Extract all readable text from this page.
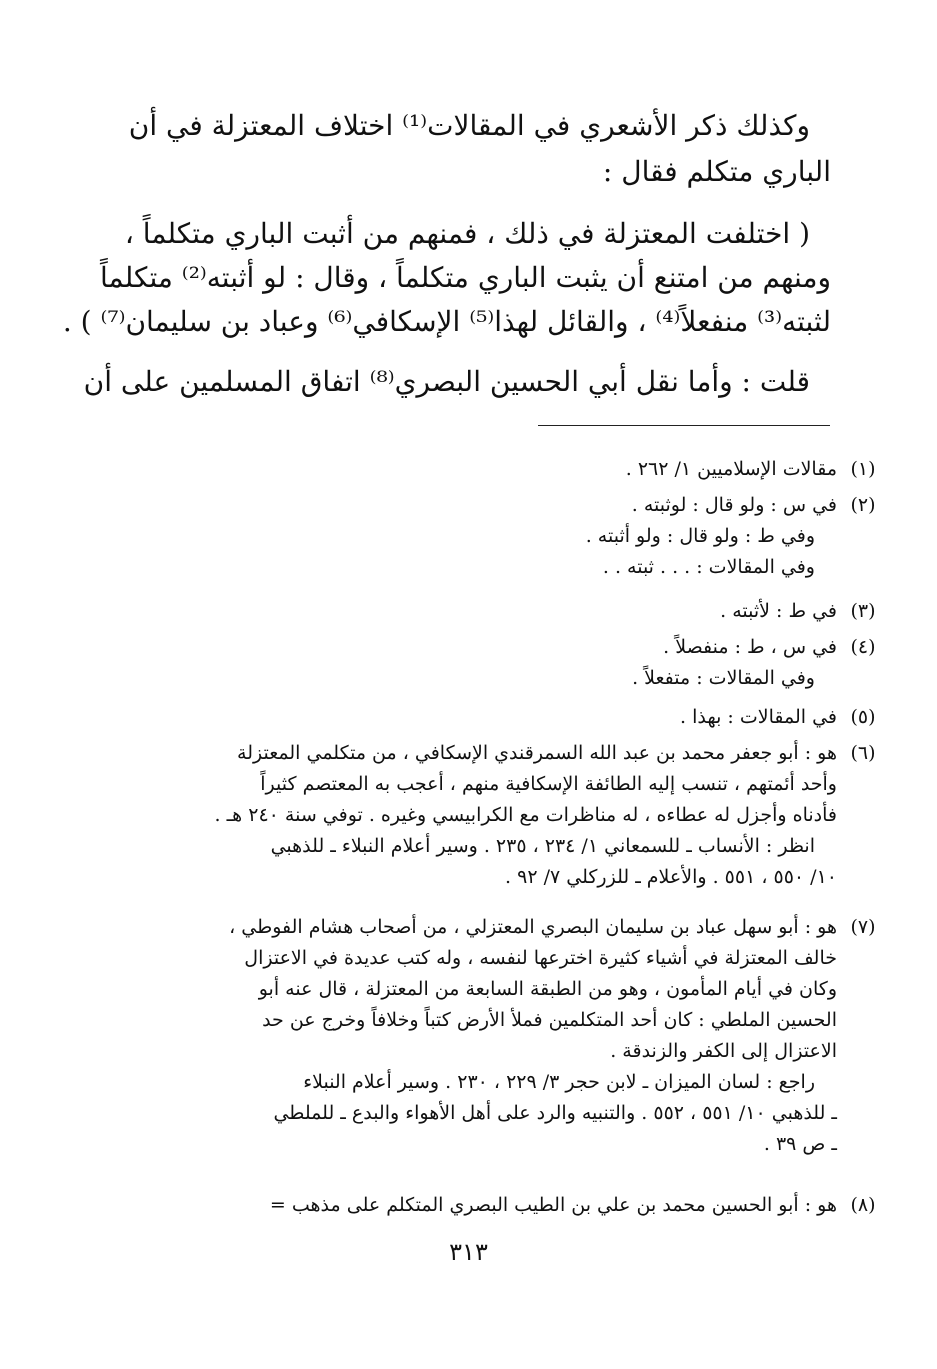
وكذلك ذكر الأشعري في المقالات⁽¹⁾ اختلاف المعتزلة في أن
الباري متكلم فقال :
( اختلفت المعتزلة في ذلك ، فمنهم من أثبت الباري متكلماً ،
ومنهم من امتنع أن يثبت الباري متكلماً ، وقال : لو أثبته⁽²⁾ متكلماً
لثبته⁽³⁾ منفعلاً⁽⁴⁾ ، والقائل لهذا⁽⁵⁾ الإسكافي⁽⁶⁾ وعباد بن سليمان⁽⁷⁾ ) .
قلت : وأما نقل أبي الحسين البصري⁽⁸⁾ اتفاق المسلمين على أن
(١)
مقالات الإسلاميين ١/ ٢٦٢ .
(٢)
في س : ولو قال : لوثبته .
وفي ط : ولو قال : ولو أثبته .
وفي المقالات : . . . ثبته . .
(٣)
في ط : لأثبته .
(٤)
في س ، ط : منفصلاً .
وفي المقالات : متفعلاً .
(٥)
في المقالات : بهذا .
(٦)
هو : أبو جعفر محمد بن عبد الله السمرقندي الإسكافي ، من متكلمي المعتزلة
وأحد أئمتهم ، تنسب إليه الطائفة الإسكافية منهم ، أعجب به المعتصم كثيراً
فأدناه وأجزل له عطاءه ، له مناظرات مع الكرابيسي وغيره . توفي سنة ٢٤٠ هـ .
انظر : الأنساب ـ للسمعاني ١/ ٢٣٤ ، ٢٣٥ . وسير أعلام النبلاء ـ للذهبي
١٠/ ٥٥٠ ، ٥٥١ . والأعلام ـ للزركلي ٧/ ٩٢ .
(٧)
هو : أبو سهل عباد بن سليمان البصري المعتزلي ، من أصحاب هشام الفوطي ،
خالف المعتزلة في أشياء كثيرة اخترعها لنفسه ، وله كتب عديدة في الاعتزال
وكان في أيام المأمون ، وهو من الطبقة السابعة من المعتزلة ، قال عنه أبو
الحسين الملطي : كان أحد المتكلمين فملأ الأرض كتباً وخلافاً وخرج عن حد
الاعتزال إلى الكفر والزندقة .
راجع : لسان الميزان ـ لابن حجر ٣/ ٢٢٩ ، ٢٣٠ . وسير أعلام النبلاء
ـ للذهبي ١٠/ ٥٥١ ، ٥٥٢ . والتنبيه والرد على أهل الأهواء والبدع ـ للملطي
ـ ص ٣٩ .
(٨)
هو : أبو الحسين محمد بن علي بن الطيب البصري المتكلم على مذهب =
٣١٣
